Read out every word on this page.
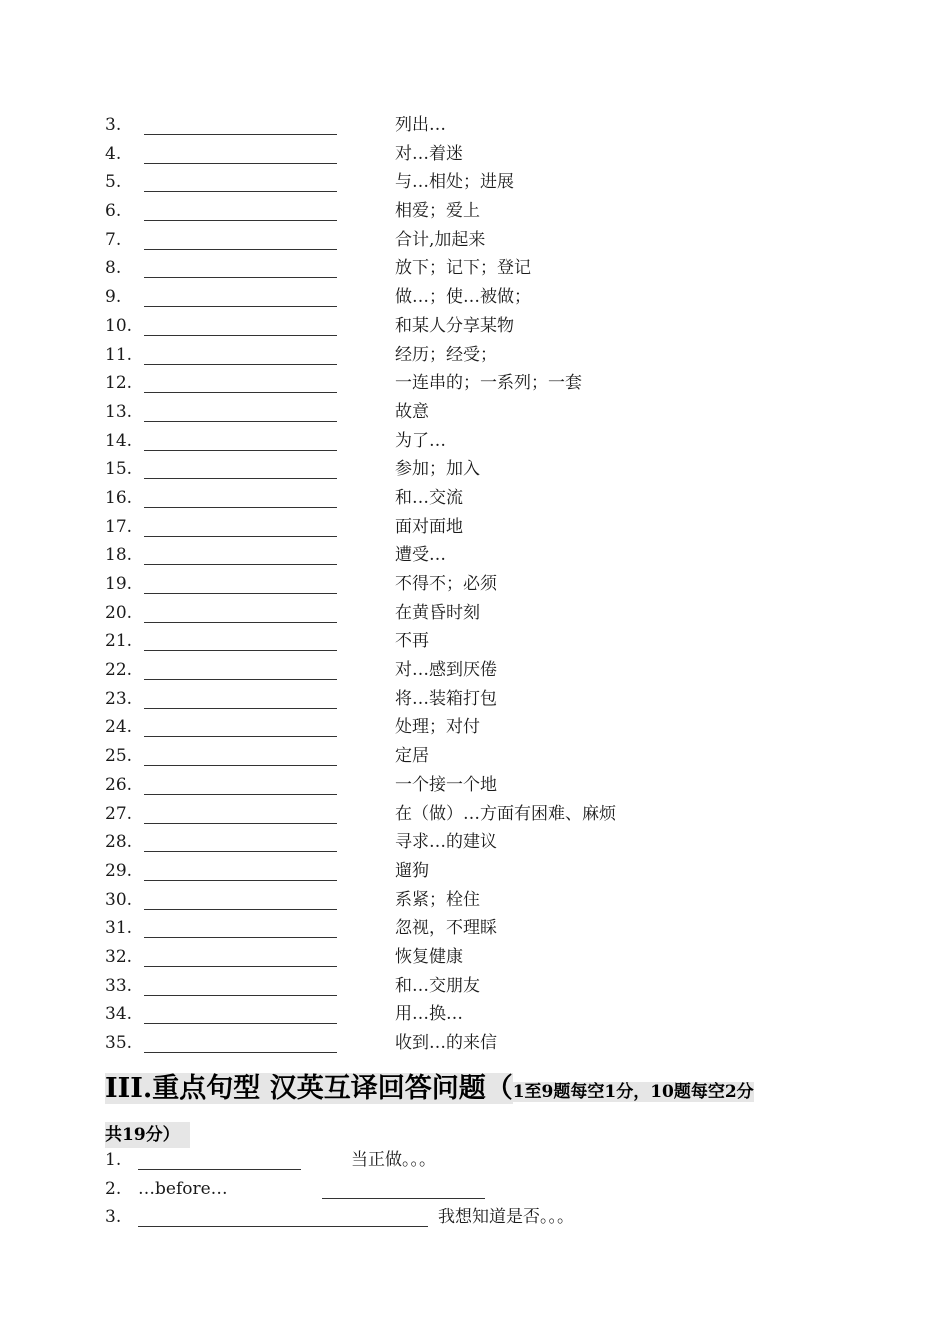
3.	列出…
4.	对…着迷
5.	与…相处；进展
6.	相爱；爱上
7.	合计,加起来
8.	放下；记下；登记
9.	做…；使…被做；
10.	和某人分享某物
11.	经历；经受；
12.	一连串的；一系列；一套
13.	故意
14.	为了…
15.	参加；加入
16.	和…交流
17.	面对面地
18.	遭受…
19.	不得不；必须
20.	在黄昏时刻
21.	不再
22.	对…感到厌倦
23.	将…装箱打包
24.	处理；对付
25.	定居
26.	一个接一个地
27.	在（做）…方面有困难、麻烦
28.	寻求…的建议
29.	遛狗
30.	系紧；栓住
31.	忽视，不理睬
32.	恢复健康
33.	和…交朋友
34.	用…换…
35.	收到…的来信
III.重点句型 汉英互译回答问题（1至9题每空1分，10题每空2分
共19分）
1.	当正做。。。
2. …before…
3.	我想知道是否。。。
